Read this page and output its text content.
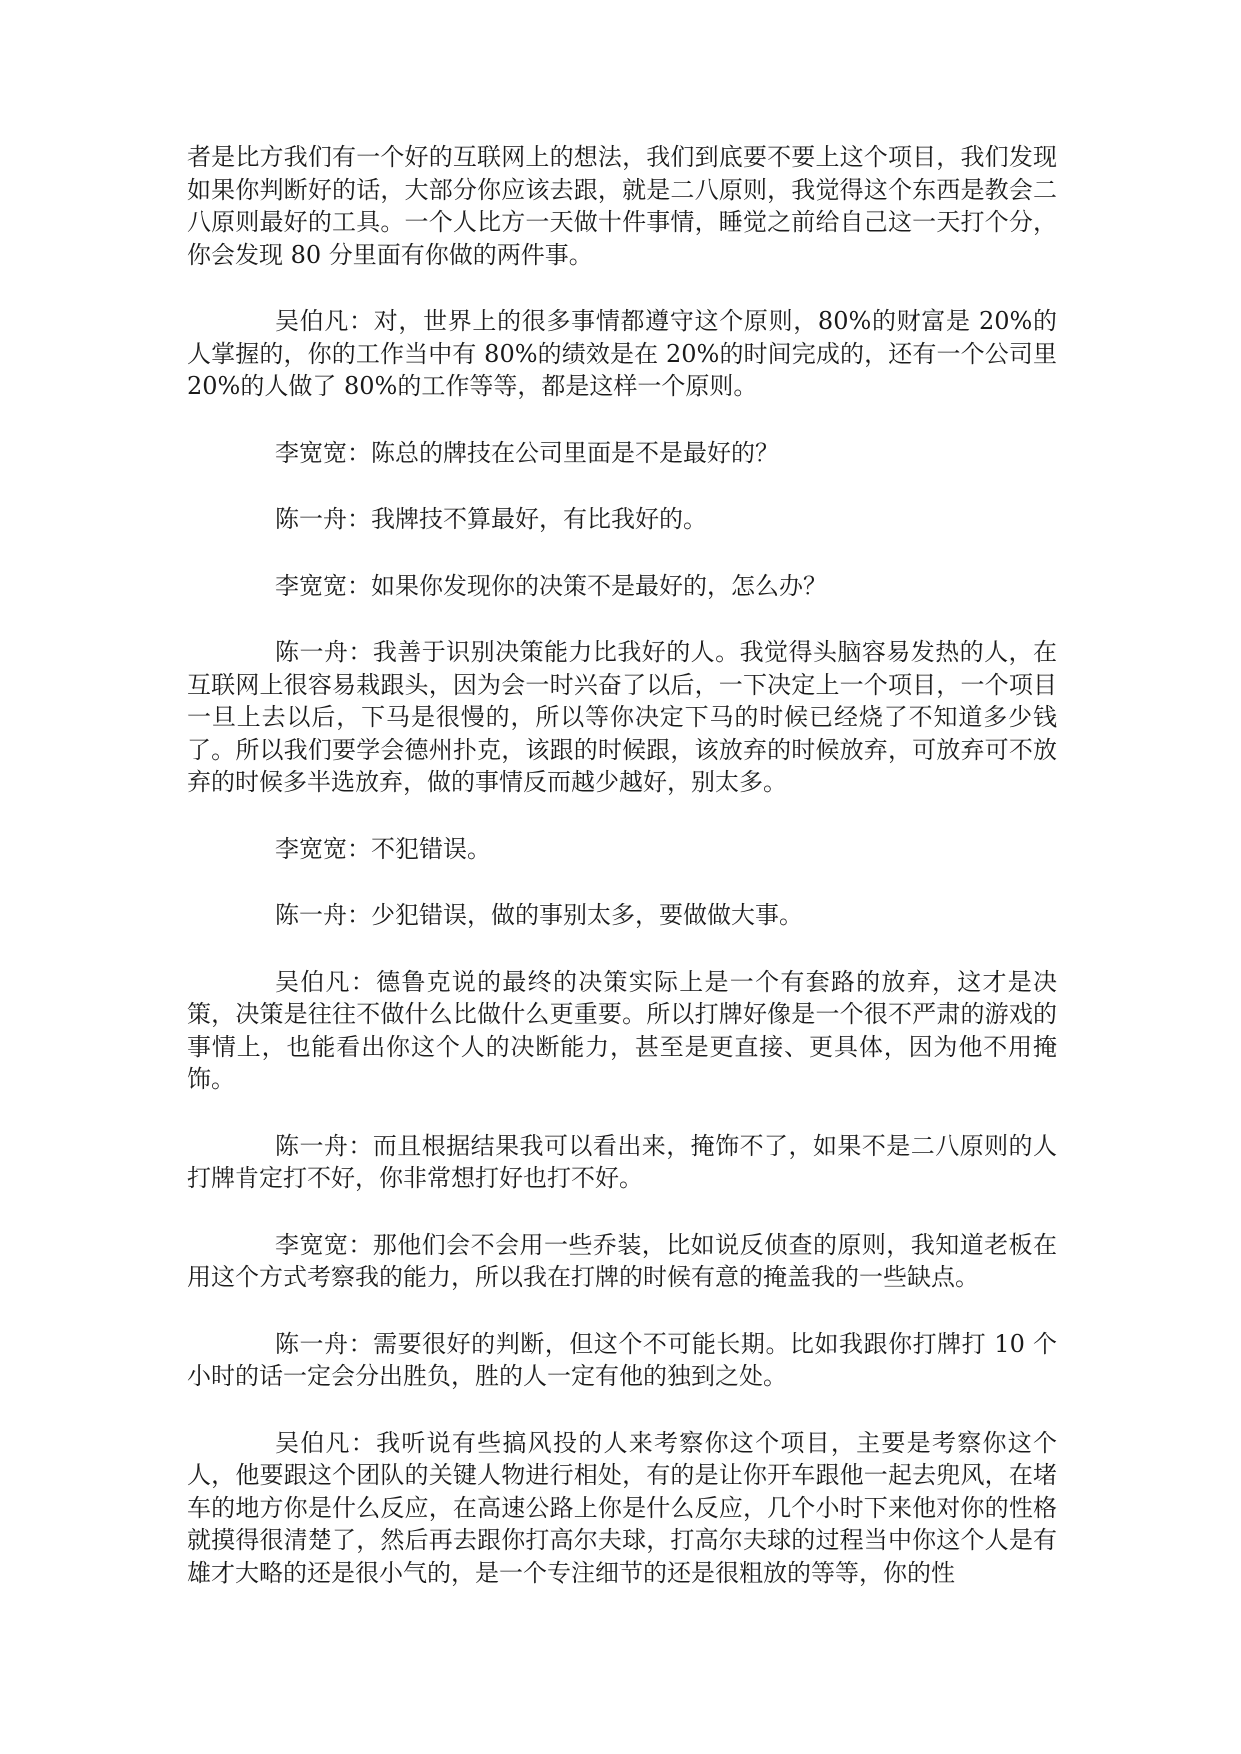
者是比方我们有一个好的互联网上的想法，我们到底要不要上这个项目，我们发现如果你判断好的话，大部分你应该去跟，就是二八原则，我觉得这个东西是教会二八原则最好的工具。一个人比方一天做十件事情，睡觉之前给自己这一天打个分，你会发现 80 分里面有你做的两件事。

吴伯凡：对，世界上的很多事情都遵守这个原则，80%的财富是 20%的人掌握的，你的工作当中有 80%的绩效是在 20%的时间完成的，还有一个公司里 20%的人做了 80%的工作等等，都是这样一个原则。

李宽宽：陈总的牌技在公司里面是不是最好的？

陈一舟：我牌技不算最好，有比我好的。

李宽宽：如果你发现你的决策不是最好的，怎么办？

陈一舟：我善于识别决策能力比我好的人。我觉得头脑容易发热的人，在互联网上很容易栽跟头，因为会一时兴奋了以后，一下决定上一个项目，一个项目一旦上去以后，下马是很慢的，所以等你决定下马的时候已经烧了不知道多少钱了。所以我们要学会德州扑克，该跟的时候跟，该放弃的时候放弃，可放弃可不放弃的时候多半选放弃，做的事情反而越少越好，别太多。

李宽宽：不犯错误。

陈一舟：少犯错误，做的事别太多，要做做大事。

吴伯凡：德鲁克说的最终的决策实际上是一个有套路的放弃，这才是决策，决策是往往不做什么比做什么更重要。所以打牌好像是一个很不严肃的游戏的事情上，也能看出你这个人的决断能力，甚至是更直接、更具体，因为他不用掩饰。

陈一舟：而且根据结果我可以看出来，掩饰不了，如果不是二八原则的人打牌肯定打不好，你非常想打好也打不好。

李宽宽：那他们会不会用一些乔装，比如说反侦查的原则，我知道老板在用这个方式考察我的能力，所以我在打牌的时候有意的掩盖我的一些缺点。

陈一舟：需要很好的判断，但这个不可能长期。比如我跟你打牌打 10 个小时的话一定会分出胜负，胜的人一定有他的独到之处。

吴伯凡：我听说有些搞风投的人来考察你这个项目，主要是考察你这个人，他要跟这个团队的关键人物进行相处，有的是让你开车跟他一起去兜风，在堵车的地方你是什么反应，在高速公路上你是什么反应，几个小时下来他对你的性格就摸得很清楚了，然后再去跟你打高尔夫球，打高尔夫球的过程当中你这个人是有雄才大略的还是很小气的，是一个专注细节的还是很粗放的等等，你的性
